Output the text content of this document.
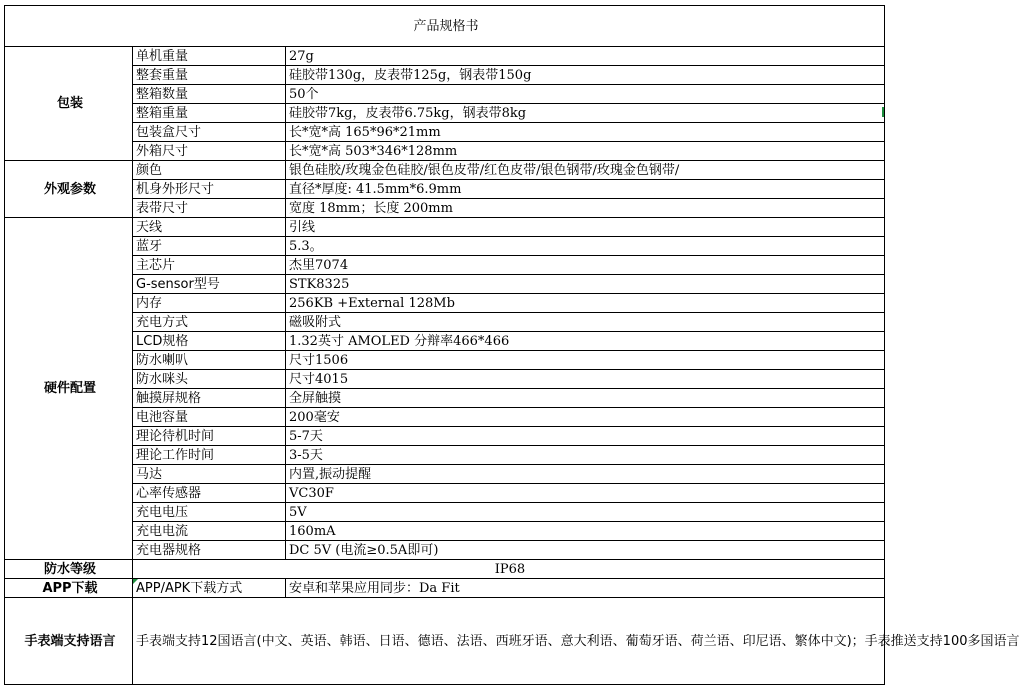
产品规格书		
包装	单机重量	27g
	整套重量	硅胶带130g，皮表带125g，钢表带150g
	整箱数量	50个
	整箱重量	硅胶带7kg，皮表带6.75kg，钢表带8kg
	包装盒尺寸	长*宽*高 165*96*21mm
	外箱尺寸	长*宽*高 503*346*128mm
外观参数	颜色	银色硅胶/玫瑰金色硅胶/银色皮带/红色皮带/银色钢带/玫瑰金色钢带/
	机身外形尺寸	直径*厚度: 41.5mm*6.9mm
	表带尺寸	宽度 18mm；长度 200mm
硬件配置	天线	引线
	蓝牙	5.3。
	主芯片	杰里7074
	G-sensor型号	STK8325
	内存	256KB +External 128Mb
	充电方式	磁吸附式
	LCD规格	1.32英寸 AMOLED 分辩率466*466
	防水喇叭	尺寸1506
	防水咪头	尺寸4015
	触摸屏规格	全屏触摸
	电池容量	200毫安
	理论待机时间	5-7天
	理论工作时间	3-5天
	马达	内置,振动提醒
	心率传感器	VC30F
	充电电压	5V
	充电电流	160mA
	充电器规格	DC 5V (电流≥0.5A即可)
防水等级	IP68	
APP下载	APP/APK下载方式	安卓和苹果应用同步：Da Fit
手表端支持语言	手表端支持12国语言(中文、英语、韩语、日语、德语、法语、西班牙语、意大利语、葡萄牙语、荷兰语、印尼语、繁体中文)；手表推送支持100多国语言	
